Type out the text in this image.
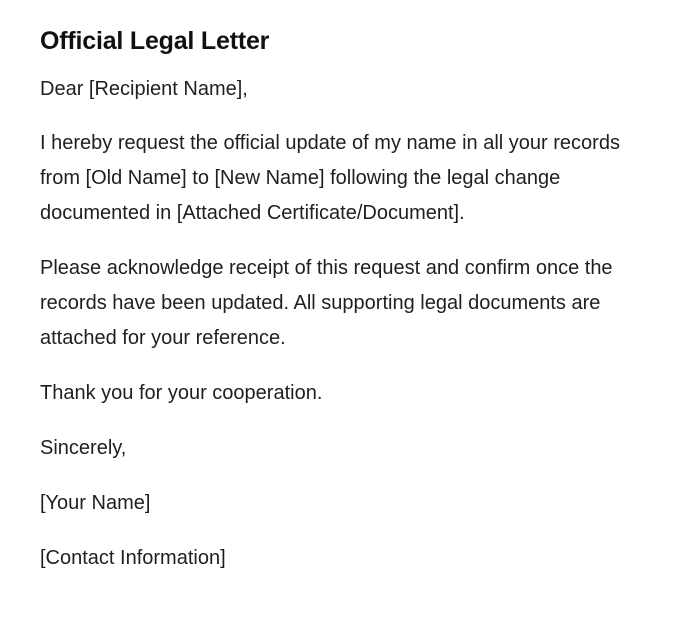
Official Legal Letter

Dear [Recipient Name],

I hereby request the official update of my name in all your records from [Old Name] to [New Name] following the legal change documented in [Attached Certificate/Document].

Please acknowledge receipt of this request and confirm once the records have been updated. All supporting legal documents are attached for your reference.

Thank you for your cooperation.

Sincerely,

[Your Name]

[Contact Information]
